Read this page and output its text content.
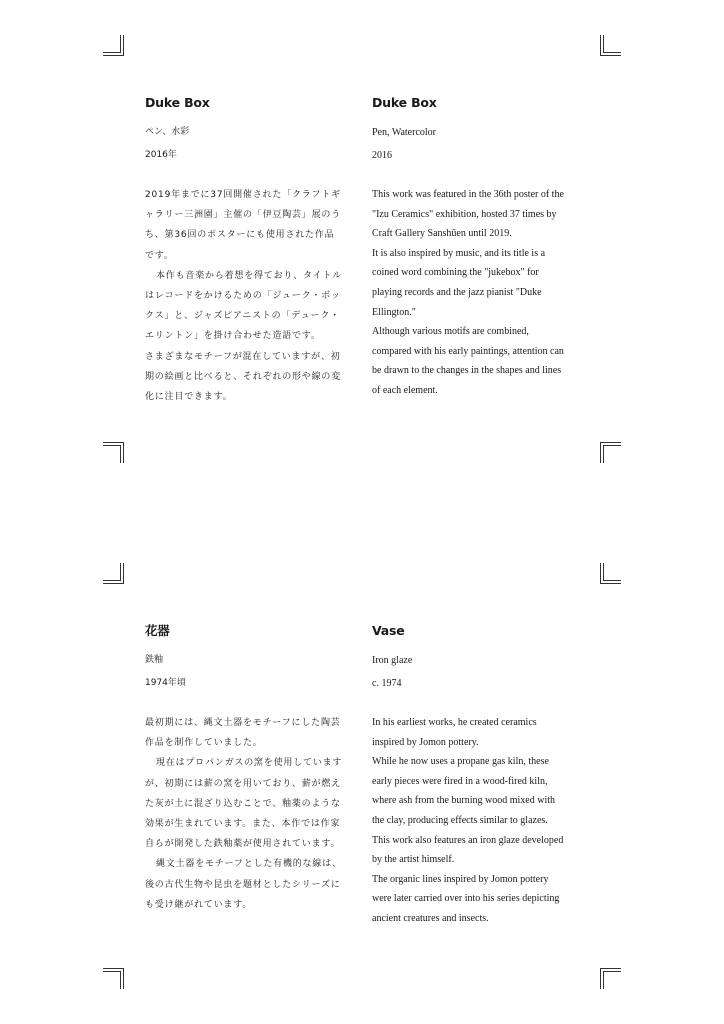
Duke Box
ペン、水彩
2016年

2019年までに37回開催された「クラフトギ

ャラリー三洲園」主催の「伊豆陶芸」展のう

ち、第36回のポスターにも使用された作品

です。

本作も音楽から着想を得ており、タイトル

はレコードをかけるための「ジューク・ボッ

クス」と、ジャズピアニストの「デューク・

エリントン」を掛け合わせた造語です。

さまざまなモチーフが混在していますが、初

期の絵画と比べると、それぞれの形や線の変

化に注目できます。

Duke Box
Pen, Watercolor
2016

This work was featured in the 36th poster of the

"Izu Ceramics" exhibition, hosted 37 times by

Craft Gallery Sanshūen until 2019.

It is also inspired by music, and its title is a

coined word combining the "jukebox" for

playing records and the jazz pianist "Duke

Ellington."

Although various motifs are combined,

compared with his early paintings, attention can

be drawn to the changes in the shapes and lines

of each element.

花器
鉄釉
1974年頃

最初期には、縄文土器をモチーフにした陶芸

作品を制作していました。

現在はプロパンガスの窯を使用しています

が、初期には薪の窯を用いており、薪が燃え

た灰が土に混ざり込むことで、釉薬のような

効果が生まれています。また、本作では作家

自らが開発した鉄釉薬が使用されています。

縄文土器をモチーフとした有機的な線は、

後の古代生物や昆虫を題材としたシリーズに

も受け継がれています。

Vase
Iron glaze
c. 1974

In his earliest works, he created ceramics

inspired by Jomon pottery.

While he now uses a propane gas kiln, these

early pieces were fired in a wood-fired kiln,

where ash from the burning wood mixed with

the clay, producing effects similar to glazes.

This work also features an iron glaze developed

by the artist himself.

The organic lines inspired by Jomon pottery

were later carried over into his series depicting

ancient creatures and insects.
